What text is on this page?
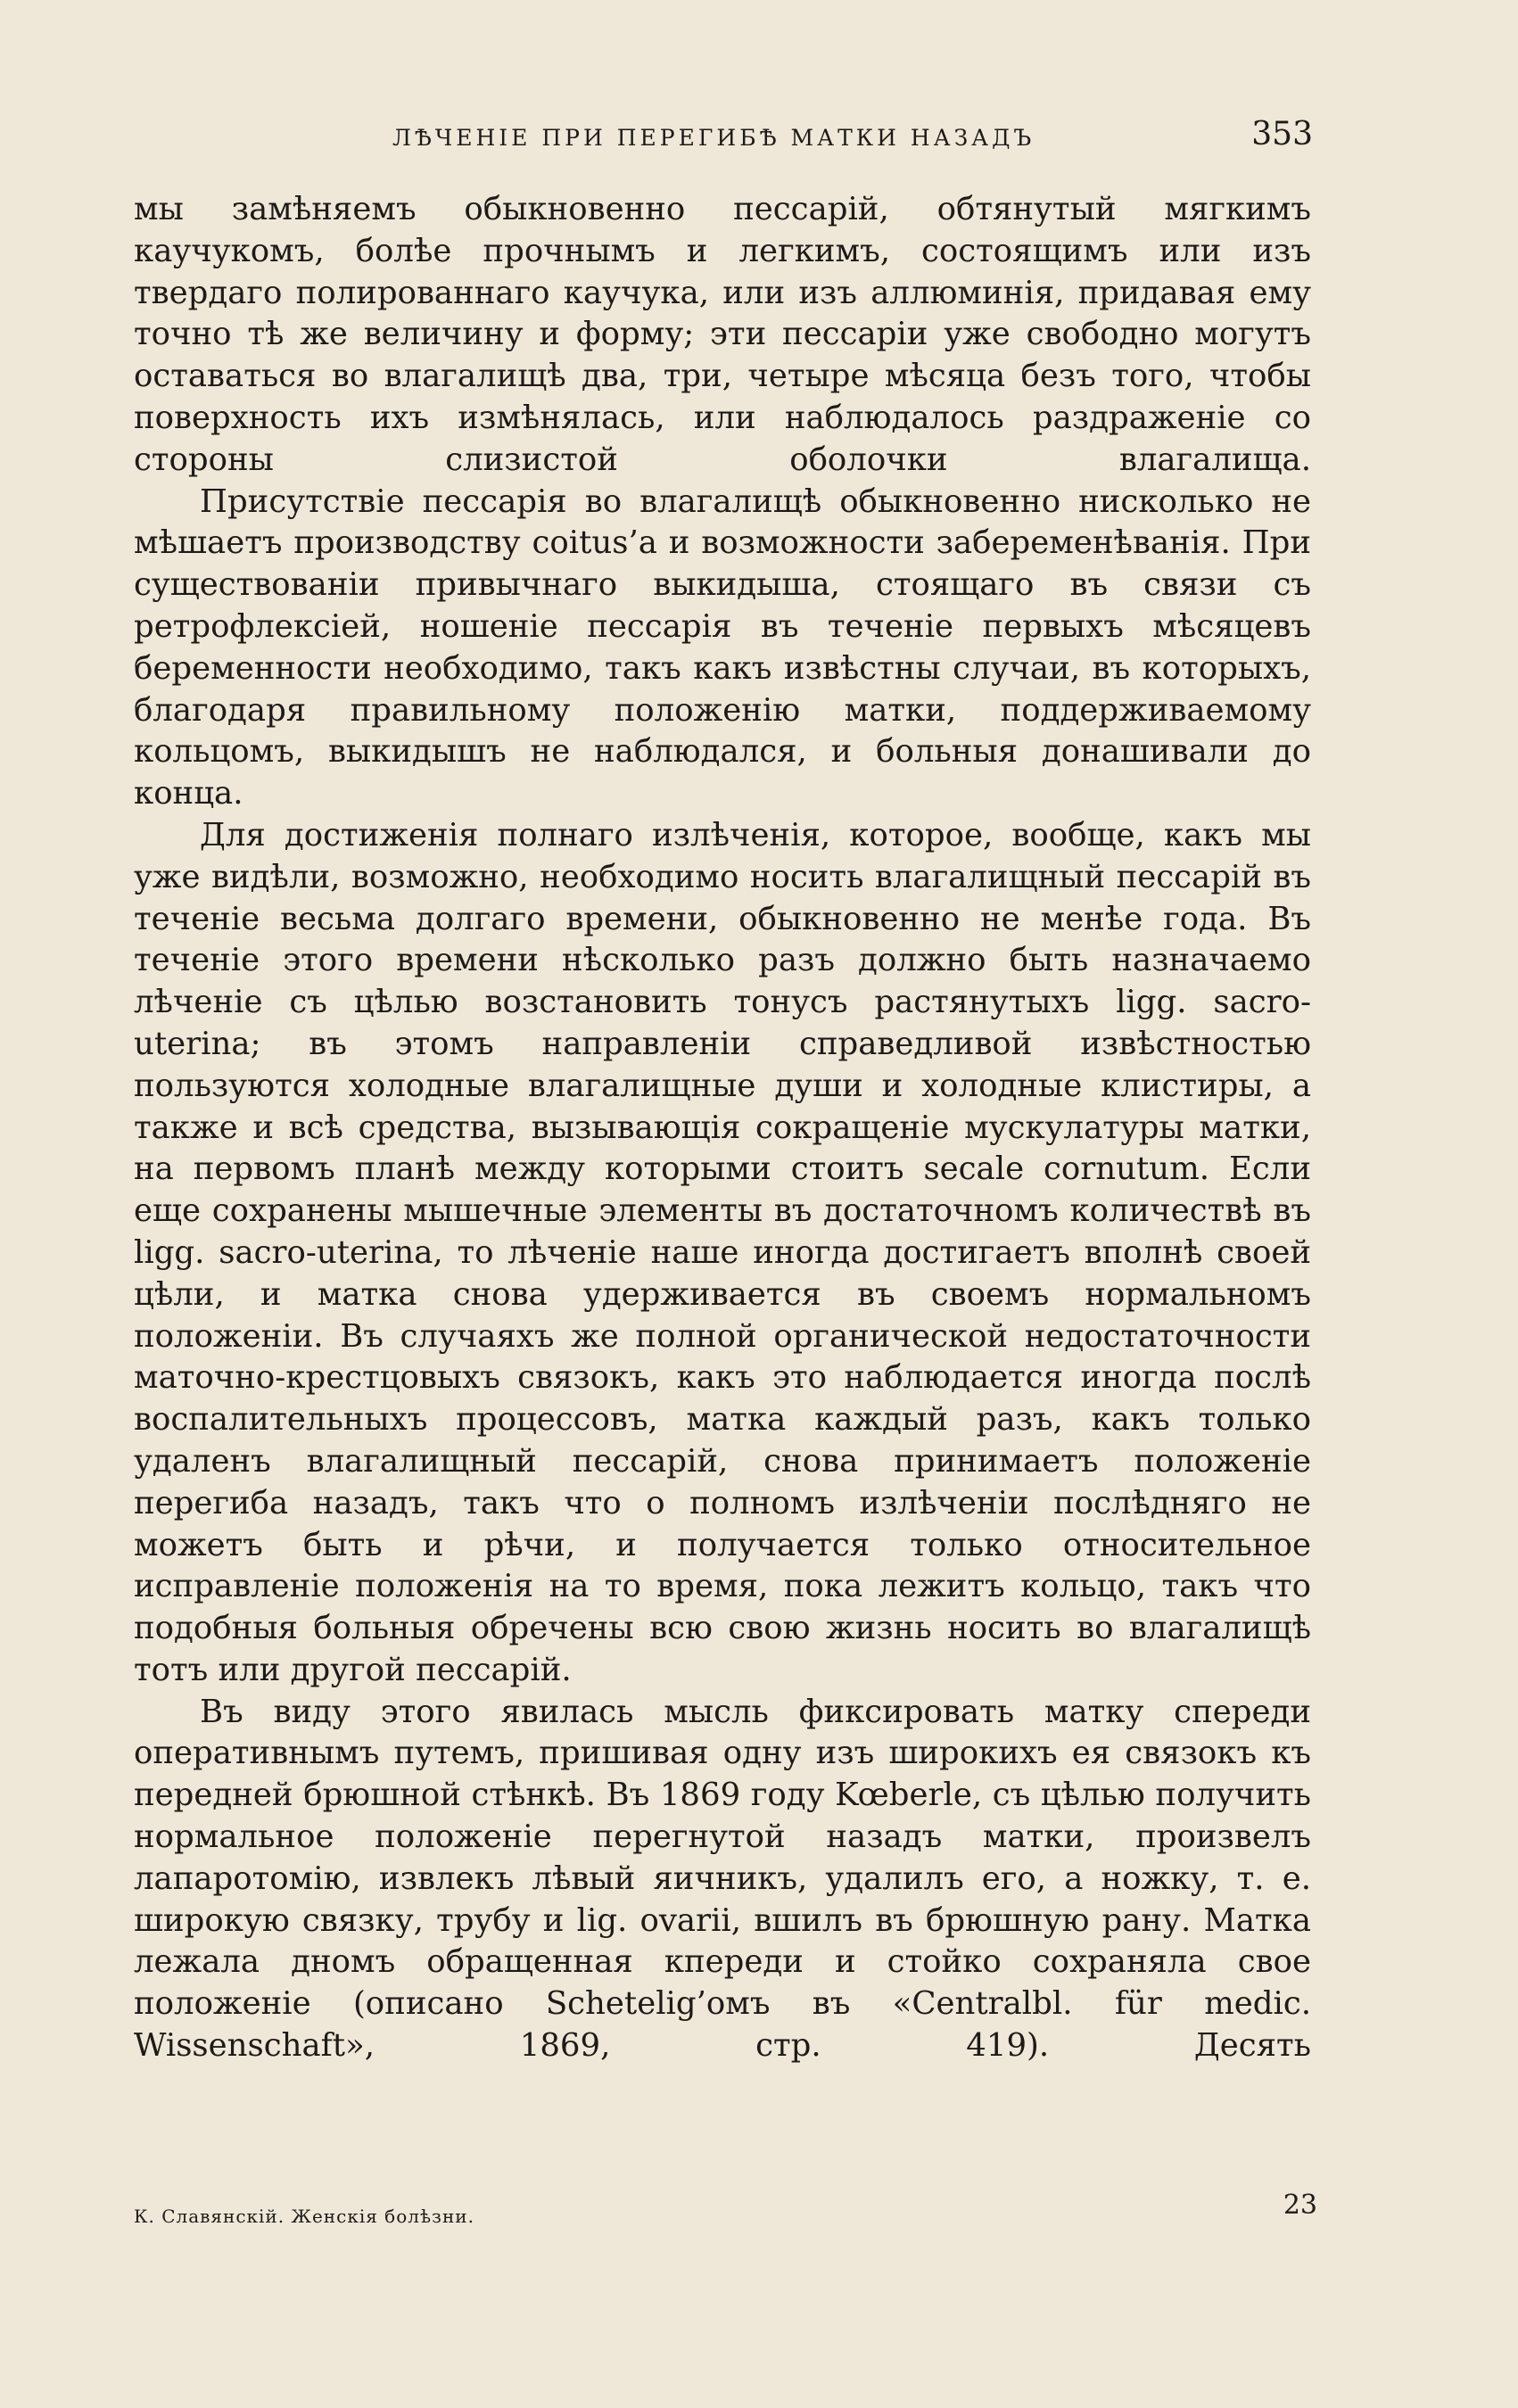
ЛѢЧЕНІЕ ПРИ ПЕРЕГИБѢ МАТКИ НАЗАДЪ	353

мы замѣняемъ обыкновенно пессарій, обтянутый мягкимъ каучукомъ, болѣе прочнымъ и легкимъ, состоящимъ или изъ твердаго полированнаго каучука, или изъ аллюминія, придавая ему точно тѣ же величину и форму; эти пессаріи уже свободно могутъ оставаться во влагалищѣ два, три, четыре мѣсяца безъ того, чтобы поверхность ихъ измѣнялась, или наблюдалось раздраженіе со стороны слизистой оболочки влагалища.

Присутствіе пессарія во влагалищѣ обыкновенно нисколько не мѣшаетъ производству coitus’а и возможности забеременѣванія. При существованіи привычнаго выкидыша, стоящаго въ связи съ ретрофлексіей, ношеніе пессарія въ теченіе первыхъ мѣсяцевъ беременности необходимо, такъ какъ извѣстны случаи, въ которыхъ, благодаря правильному положенію матки, поддерживаемому кольцомъ, выкидышъ не наблюдался, и больныя донашивали до конца.

Для достиженія полнаго излѣченія, которое, вообще, какъ мы уже видѣли, возможно, необходимо носить влагалищный пессарій въ теченіе весьма долгаго времени, обыкновенно не менѣе года. Въ теченіе этого времени нѣсколько разъ должно быть назначаемо лѣченіе съ цѣлью возстановить тонусъ растянутыхъ ligg. sacro-uterina; въ этомъ направленіи справедливой извѣстностью пользуются холодные влагалищные души и холодные клистиры, а также и всѣ средства, вызывающія сокращеніе мускулатуры матки, на первомъ планѣ между которыми стоитъ secale cornutum. Если еще сохранены мышечные элементы въ достаточномъ количествѣ въ ligg. sacro-uterina, то лѣченіе наше иногда достигаетъ вполнѣ своей цѣли, и матка снова удерживается въ своемъ нормальномъ положеніи. Въ случаяхъ же полной органической недостаточности маточно-крестцовыхъ связокъ, какъ это наблюдается иногда послѣ воспалительныхъ процессовъ, матка каждый разъ, какъ только удаленъ влагалищный пессарій, снова принимаетъ положеніе перегиба назадъ, такъ что о полномъ излѣченіи послѣдняго не можетъ быть и рѣчи, и получается только относительное исправленіе положенія на то время, пока лежитъ кольцо, такъ что подобныя больныя обречены всю свою жизнь носить во влагалищѣ тотъ или другой пессарій.

Въ виду этого явилась мысль фиксировать матку спереди оперативнымъ путемъ, пришивая одну изъ широкихъ ея связокъ къ передней брюшной стѣнкѣ. Въ 1869 году Kœberle, съ цѣлью получить нормальное положеніе перегнутой назадъ матки, произвелъ лапаротомію, извлекъ лѣвый яичникъ, удалилъ его, а ножку, т. е. широкую связку, трубу и lig. ovarii, вшилъ въ брюшную рану. Матка лежала дномъ обращенная кпереди и стойко сохраняла свое положеніе (описано Schetelig’омъ въ «Centralbl. für medic. Wissenschaft», 1869, стр. 419). Десять

К. Славянскій. Женскія болѣзни.	23
